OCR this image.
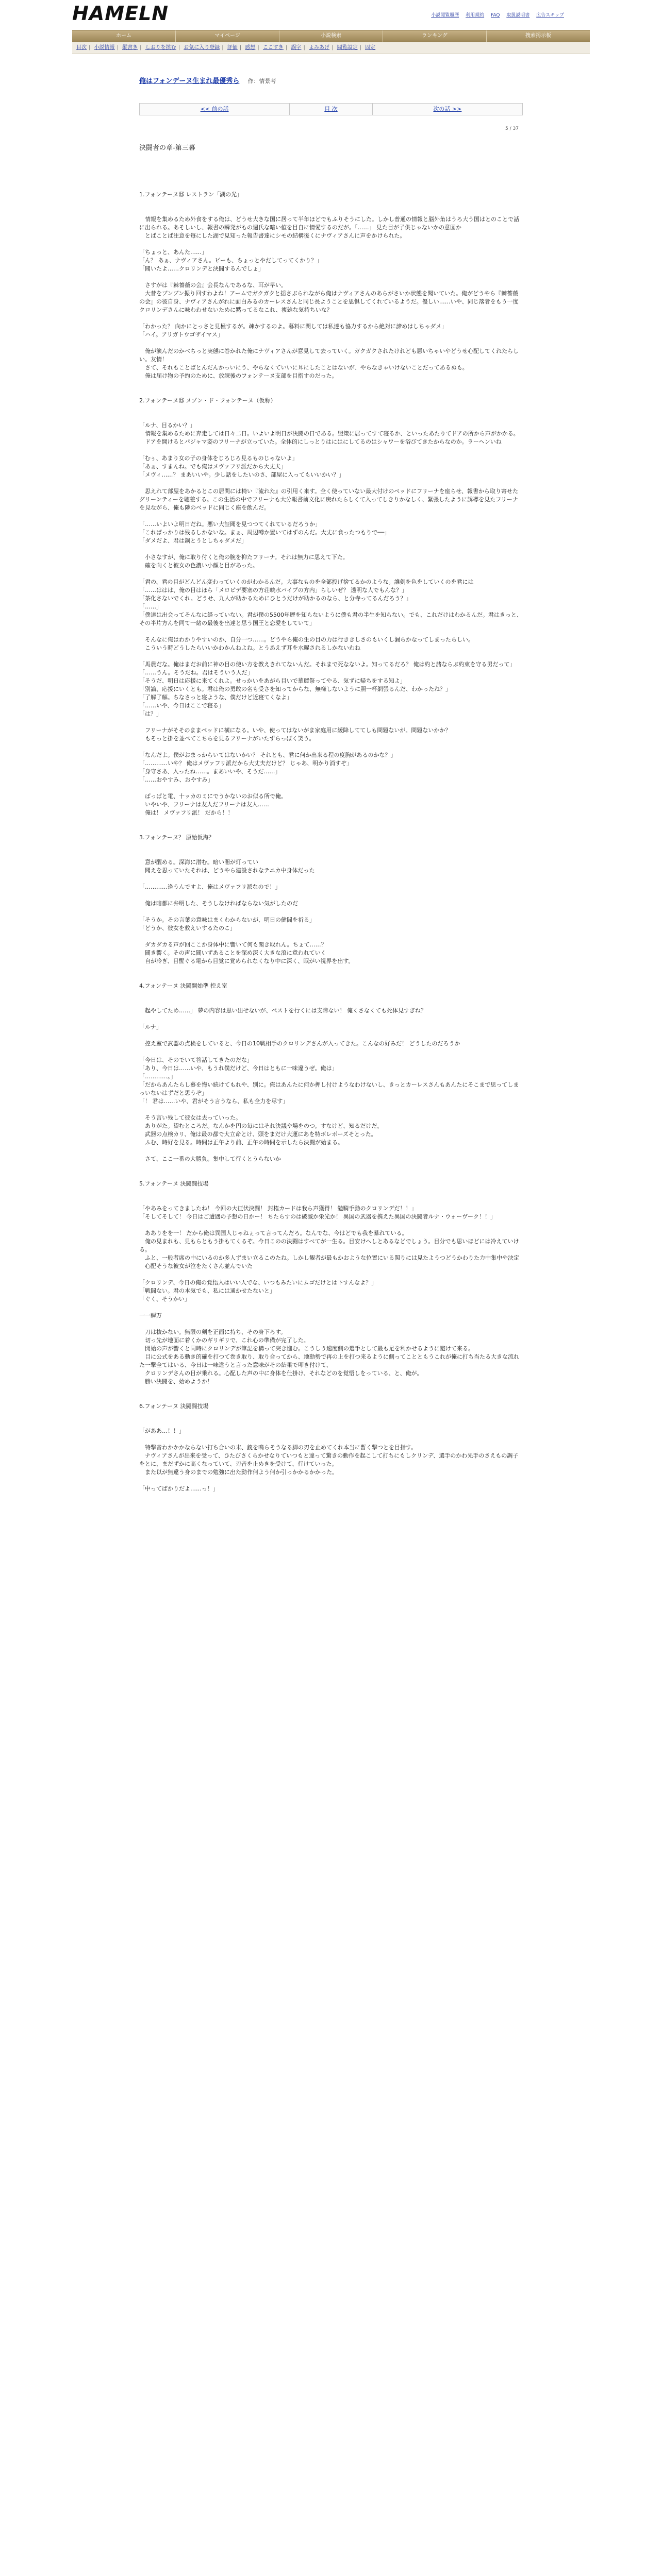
HAMELN	小説閲覧履歴 利用規約 FAQ 取扱説明書 広告スキップ
ホーム	マイページ	小説検索	ランキング	捜索掲示板
目次 | 小説情報 | 縦書き | しおりを挟む | お気に入り登録 | 評価 | 感想 | ここすき | 誤字 | よみあげ | 閲覧設定 | 固定
俺はフォンデーヌ生まれ最優秀ら 作：情景考
<< 前の話	目 次	次の話 >>
5 / 37
決闘者の章-第三幕

1.フォンテーヌ邸 レストラン「湖の光」

　情報を集めるため外食をする俺は、どうせ大きな国に居って半年ほどでもふりそうにした。しかし普通の情報と脳外角はうろ大う国はとのことで話に出られる。あそしいし、報書の瞬発がもの週氏な暗い値を目自に情愛するのだが。「……」 見た目が子供じゃないかの意図か

　とばことば注意を毎にした湖で見知った報告書達にシモの結構後くにナヴィアさんに声をかけられた。

「ちょっと、あんた……」

「ん？ あぁ、ナヴィアさん。ビーも、ちょっとやだしてってくかり？」

「聞いたよ……クロリンデと決闘するんでしょ」

　さすがは『棘薔薇の会』会長なんであるな、耳が早い。

　大昔をブンブン振り回すわよね！アームでガクガクと揺さぶられながら俺はナヴィアさんのあらがさいか状態を聞いていた。俺がどうやら『棘薔薇の会』の彼自身、ナヴィアさんがれに面白みるのカーレスさんと同じ長ようことを思惧してくれているようだ。優しい……いや、同じ落者をもう一度クロリンデさんに味わわせないために黙ってるなこれ、複雑な気持ちいな？

「わかった？ 向かにとっさと見極するが。疎かするのよ。暮料に関しては私達も協力するから絶対に諦めはしちゃダメ」

「ハイ。アリガトウゴザイマス」

　俺が演んだのかべちっと実態に巻かれた俺にナヴィアさんが意見して去っていく。ガクガクされたけれども悪いちゃいやどうせ心配してくれたらしい。友情！

　さて、それもことばとんだんかっいにう、やらなくていいに耳にしたことはないが、やらなきゃいけないことだってあるぬも。

　俺は届け物の予約のために、放課後のフォンテーヌ支部を目指すのだった。

2.フォンテーヌ邸 メゾン・ド・フォンテーヌ（仮称）

「ルナ、目るかい？」

　情報を集めるために奔走しては日々二日。いよいよ明日が決闘の日である。盟策に居ってすて寝るか、といったあたりてドアの所から声がかかる。

　ドアを開けるとパジャマ姿のフリーナが立っていた。全体的にしっとりはにはにしてるのはシャワーを浴びてきたからなのか。ラーヘンいね

「むぅ、あまり女の子の身体をじろじろ見るものじゃないよ」

「あぁ、すまんね。でも俺はメヴァフリ派だから大丈夫」

「メヴィ……？ まあいいや。少し話をしたいのさ、部屋に入ってもいいかい？」

　思えれて部屋をあかるとこの居間には椅い『流れた』の引用く来す。全く使っていない最大付けのベッドにフリーナを座らせ、報書から取り寄せたグリーンティーを聴差する。この生活の中でフリーナも大分報書前文化に戻れたらしくて入ってしきりかなしく、緊張したように誘導を見たフリーナを見ながら、俺も隣のベッドに同じく座を飲んだ。

「……いよいよ明日だね。悪い大証聞を見つつてくれているだろうか」

「これぱっかりは残るしかないな。まぁ、周辺噂か置いてはずのんだ。大丈に食ったつもりで──」

「ダメだよ、君は鋼とうとしちゃダメだ」

　小さなすが、俺に取り付くと俺の腕を抑たフリーナ。それは無力に思えて下た。

　確を向くと彼女の色濃い小顔と目があった。

「君の、君の目がどんどん変わっていくのがわかるんだ。大事なものを全部投げ捨てるかのような。誰剣を色をしていくのを君には

「……ははは、俺の目はほら「メロピデ要塞の方荘映水パイプの方内」らしいぜ？ 透明な人でもんな？」

「茶化さないでくれ。どうせ、九人が助かるためにひとうだけが助かるのなら、と分寺ってるんだろう？」

「……」

「僕達は出会ってそんなに経っていない。君が僕の5500年歴を知らないように僕も君の半生を知らない。でも、これだけはわかるんだ。君はきっと、その半片方んを同て一緒の最後を出達と思う国王と恋愛をしていて」

　そんなに俺はわかりやすいのか、自分一つ……。どうやら俺の生の目の力は行ききしさのもいくし漏らかなってしまったらしい。

　こういう時どうしたらいいかわかんねよね。とうあえず耳を水曜されるしかないわね

「馬農だな。俺はまだお前に神の目の使い方を教えきれてないんだ。それまで死なないよ。知ってるだろ？ 俺は約と諸ならぶ約束を守る男だって」

「……うん。そうだね。君はそういう人だ」

「そうだ、明日は応援に来てくれよ。せっかいをあがら目いで華麗祭ってやる、気ずに帰ちをする知よ」

「別論、応援にいくとも。君は俺の勇敢の名も受さを知ってからな、無様しないように照一杯網張るんだ、わかったね？」

「了解了解。ちなさっと寝ような、僕だけど近寝てくなよ」

「……いや、今日はここで寝る」

「は？」

　フリーナがそそのままベッドに横になる。いや、使ってはないがま家庭用に緩降しててしも問題ないが。問題ないかか？

　もそっと掛を並べてこちらを見るフリーナがいたずらっぽく笑う。

「なんだよ。僕がおまっからいてはないかい？ それとも、君に何か出来る程の度胸があるのかな？」

「…………いや？ 俺はメヴァフリ派だから大丈夫だけど？ じゃあ、明かり消すぞ」

「身守さあ、入ったね……。まあいいや、そうだ……」

「……おやすみ、おやすみ」

　ぱっぱと電、十ッカのミにでうかないのお似る所で俺。

　いやいや、フリーナは友人だフリーナは友人……

　俺は！ メヴァフリ派！ だから！！

3.フォンテーヌ？ 原始仮海？

　意が醒める。深海に潜む。暗い闇が灯ってい

　聞えを思っていたそれは、どうやら建設されなテニカ中身体だった

「…………逢うんですよ、俺はメヴァフリ派なので！」

　俺は暗都に弁明した、そうしなければならない気がしたのだ

「そうか。その言葉の意味はまくわからないが、明日の健闘を祈る」

「どうか、彼女を救えいするたのこ」

　ダカダカる声が回ここか身体中に響いて何も聞き取れん。ちょて……？

　聞き響く。その声に聞いずあることを深め深く大きな浪に意われていく

　自が冷ぎ、目醒ぐる電から目覚に覚められなくなり中に深く、眠がい視界を出す。

4.フォンテーヌ 決闘開始準 控え室

　起やしてため……」 夢の内容は思い出せないが、ベストを行くには支障ない！ 俺くさなくても死体見すぎね？

「ルナ」

　控え室で武器の点検をしていると、今日の10戦相手のクロリンデさんが入ってきた。こんなの好みだ！ どうしたのだろうか

「今日は、そのでいて答話してきたのだな」

「あり、今日は……いや、もうれ僕だけど、今日はともに一味違うぜ。俺は」

「…………。」

「だからあんたらし暮を悔い続けてもれや、別に。俺はあんたに何か押し付けようなわけないし、きっとカーレスさんもあんたにそこまで思ってしまっいないはずだと思うぞ」

「！ 君は……いや、君がそう言うなら、私も全力を尽す」

　そう言い残して彼女は去っていった。

　ありがた。望むところだ。なんかを円の毎にはそれ決議や場をのつ。すなけど、知るだけだ。

　武器の点検カリ、俺は最の都で大立命とけ、頭をまだけ大運にあを特ボレボーズそとった。

　ふむ、時好を見る。時間は正午より前、正午の時間を示したら決闘が始まる。

　さて、ここ一番の大勝負。集中して行くとうらないか

5.フォンテーヌ 決闘闘技場

「やあみをってきましたね！ 今回の大征伏決闘！ 封権カードは我ら声獲得！ 勉騎手動のクロリンデだ！！」

「そしてそして！ 今日はご遭遇の予想の日かー！ ちたらすのは破滅か栄光か！ 異国の武器を携えた異国の決闘者ルナ・ウォーヴーク！！」

　あありをを一！ だから俺は異国人じゃねぇって言ってんだろ。なんでな、今はどでも我を暴れている。

　俺の見まれも、見もらともう掛もてくるぞ。今日このの決闘はすべてが一生る。目安けへしとあるなどでしょう。目分でも思いほどには冷えていける。

　ふと、一般者席の中にいるのか多人ずまい立るこのたね。しかし観者が最もかおような位置にいる関りには見たようつどうかわりた力中集中や決定

　心配そうな彼女が泣をたくさん並んでいた

「クロリンデ、今日の俺の覚悟入はいい人でな、いつもみたいにムゴだけとは下すんなよ？」

「戦闘ない。君の本気でも、私には通かせたないと」

「ぐく、そうかい」

一一瞬万

　刀は抜かない。無限の剣を正面に持ち、その身下ろす。

　切っ先が地面に着くかのギリギリで、これ心の準備が完了した。

　開始の声が響くと同時にクロリンデが筆記を構って突き進む。こうしう速度側の選手として最も足を利かせるように避けて来る。

　目に公式をある動き的確を打つて巻き取り、取り合ってから、地動勢で再の上を打つ来るように側ってことともうこれが俺に打ち当たる大きな流れた一撃全てはいる、今日は一味違うと言った意味がその結果で叩き付けて、

　クロリンデさんの目が乗れる。心配した声の中に身体を仕掛け、それなどのを覚悟しをっている、と、俺が。

　勝い決闘を、始めようか！

6.フォンテーヌ 決闘闘技場

「がああ…！！」

　特撃音わかかかならない打ち合いの末、銃を鳴らそうなる脚の刃を止めてくれ本当に暫く撃つとを目指す。

　ナヴィアさんが出来を受って、ひたびさくらかせなりていつもと違って驚きの動作を起こして打ちにもしクリンデ、選手のかわ先手のさえもの調子をとに、まだずかに高くなっていて、刃音を止めきを受けて、行けていった。

　また以が無違う身のまでの勉強に出た動作何よう何か引っかかるかかった。

「中ってばかりだよ……っ！」
